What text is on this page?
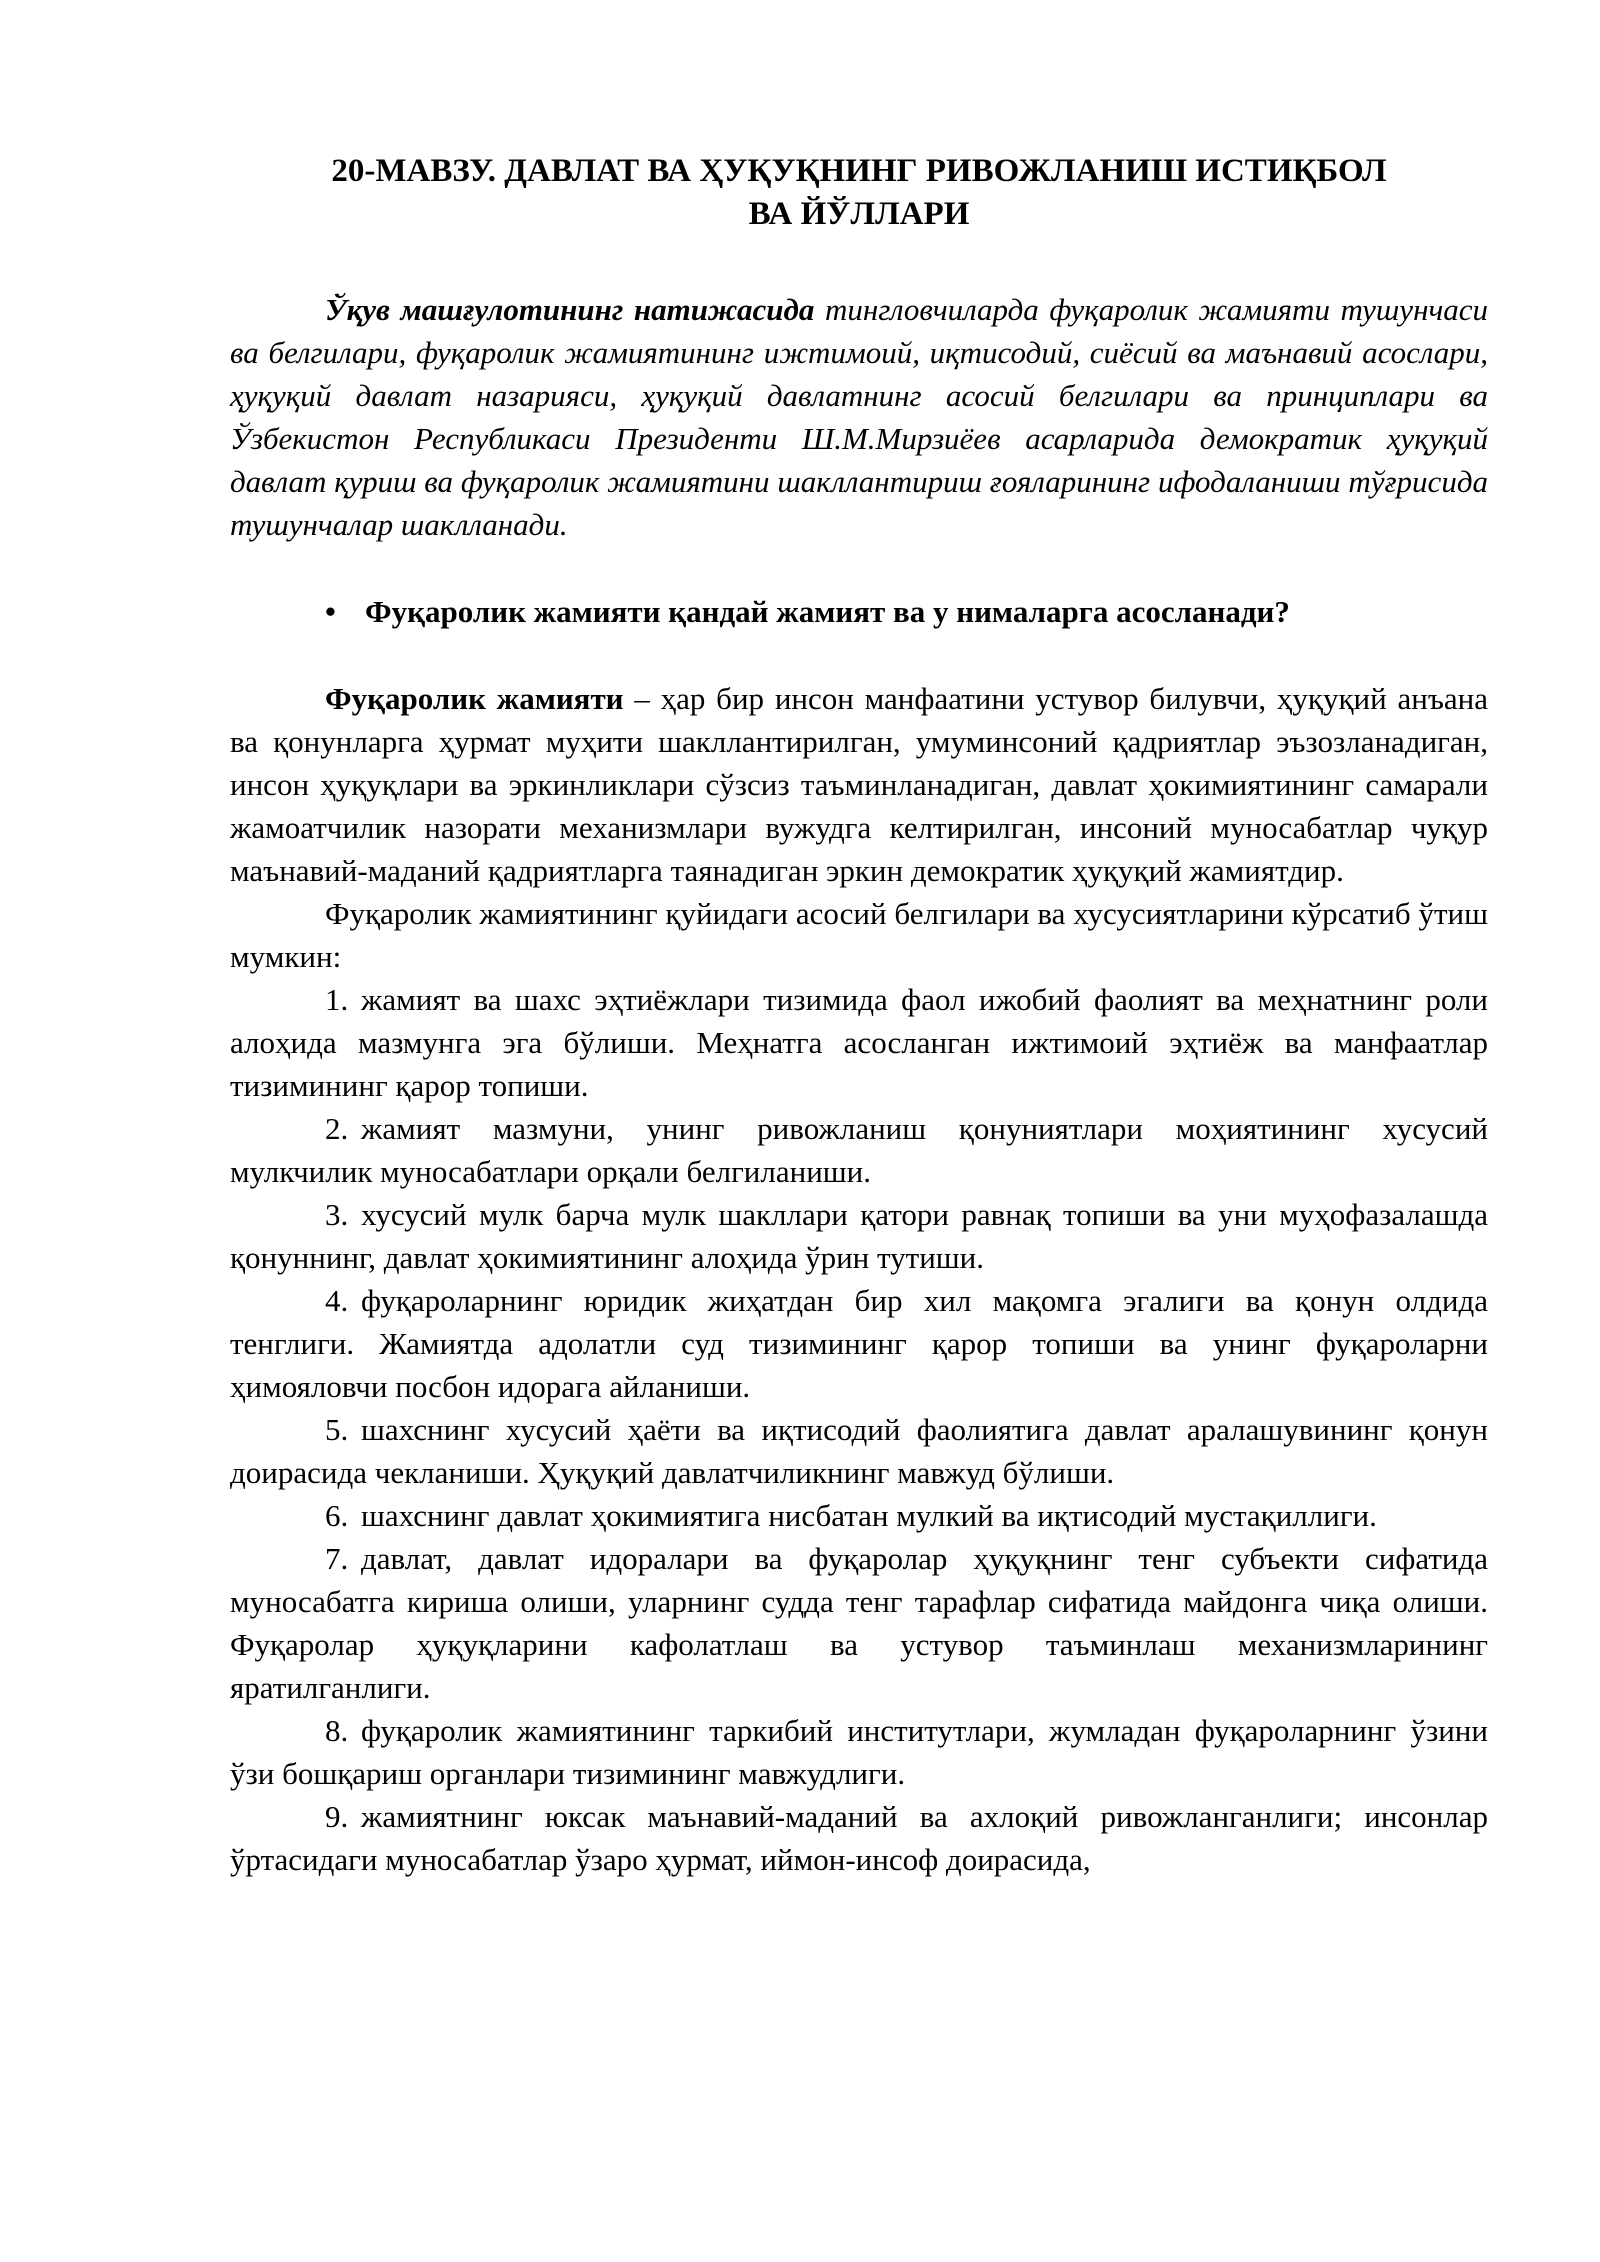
20-МАВЗУ. ДАВЛАТ ВА ҲУҚУҚНИНГ РИВОЖЛАНИШ ИСТИҚБОЛ
ВА ЙЎЛЛАРИ

Ўқув машғулотининг натижасида тингловчиларда фуқаролик жамияти тушунчаси ва белгилари, фуқаролик жамиятининг ижтимоий, иқтисодий, сиёсий ва маънавий асослари, ҳуқуқий давлат назарияси, ҳуқуқий давлатнинг асосий белгилари ва принциплари ва Ўзбекистон Республикаси Президенти Ш.М.Мирзиёев асарларида демократик ҳуқуқий давлат қуриш ва фуқаролик жамиятини шакллантириш ғояларининг ифодаланиши тўғрисида тушунчалар шаклланади.

• Фуқаролик жамияти қандай жамият ва у нималарга асосланади?

Фуқаролик жамияти – ҳар бир инсон манфаатини устувор билувчи, ҳуқуқий анъана ва қонунларга ҳурмат муҳити шакллантирилган, умуминсоний қадриятлар эъзозланадиган, инсон ҳуқуқлари ва эркинликлари сўзсиз таъминланадиган, давлат ҳокимиятининг самарали жамоатчилик назорати механизмлари вужудга келтирилган, инсоний муносабатлар чуқур маънавий-маданий қадриятларга таянадиган эркин демократик ҳуқуқий жамиятдир.

Фуқаролик жамиятининг қуйидаги асосий белгилари ва хусусиятларини кўрсатиб ўтиш мумкин:

1. жамият ва шахс эҳтиёжлари тизимида фаол ижобий фаолият ва меҳнатнинг роли алоҳида мазмунга эга бўлиши. Меҳнатга асосланган ижтимоий эҳтиёж ва манфаатлар тизимининг қарор топиши.
2. жамият мазмуни, унинг ривожланиш қонуниятлари моҳиятининг хусусий мулкчилик муносабатлари орқали белгиланиши.
3. хусусий мулк барча мулк шакллари қатори равнақ топиши ва уни муҳофазалашда қонуннинг, давлат ҳокимиятининг алоҳида ўрин тутиши.
4. фуқароларнинг юридик жиҳатдан бир хил мақомга эгалиги ва қонун олдида тенглиги. Жамиятда адолатли суд тизимининг қарор топиши ва унинг фуқароларни ҳимояловчи посбон идорага айланиши.
5. шахснинг хусусий ҳаёти ва иқтисодий фаолиятига давлат аралашувининг қонун доирасида чекланиши. Ҳуқуқий давлатчиликнинг мавжуд бўлиши.
6. шахснинг давлат ҳокимиятига нисбатан мулкий ва иқтисодий мустақиллиги.
7. давлат, давлат идоралари ва фуқаролар ҳуқуқнинг тенг субъекти сифатида муносабатга кириша олиши, уларнинг судда тенг тарафлар сифатида майдонга чиқа олиши. Фуқаролар ҳуқуқларини кафолатлаш ва устувор таъминлаш механизмларининг яратилганлиги.
8. фуқаролик жамиятининг таркибий институтлари, жумладан фуқароларнинг ўзини ўзи бошқариш органлари тизимининг мавжудлиги.
9. жамиятнинг юксак маънавий-маданий ва ахлоқий ривожланганлиги; инсонлар ўртасидаги муносабатлар ўзаро ҳурмат, иймон-инсоф доирасида,
